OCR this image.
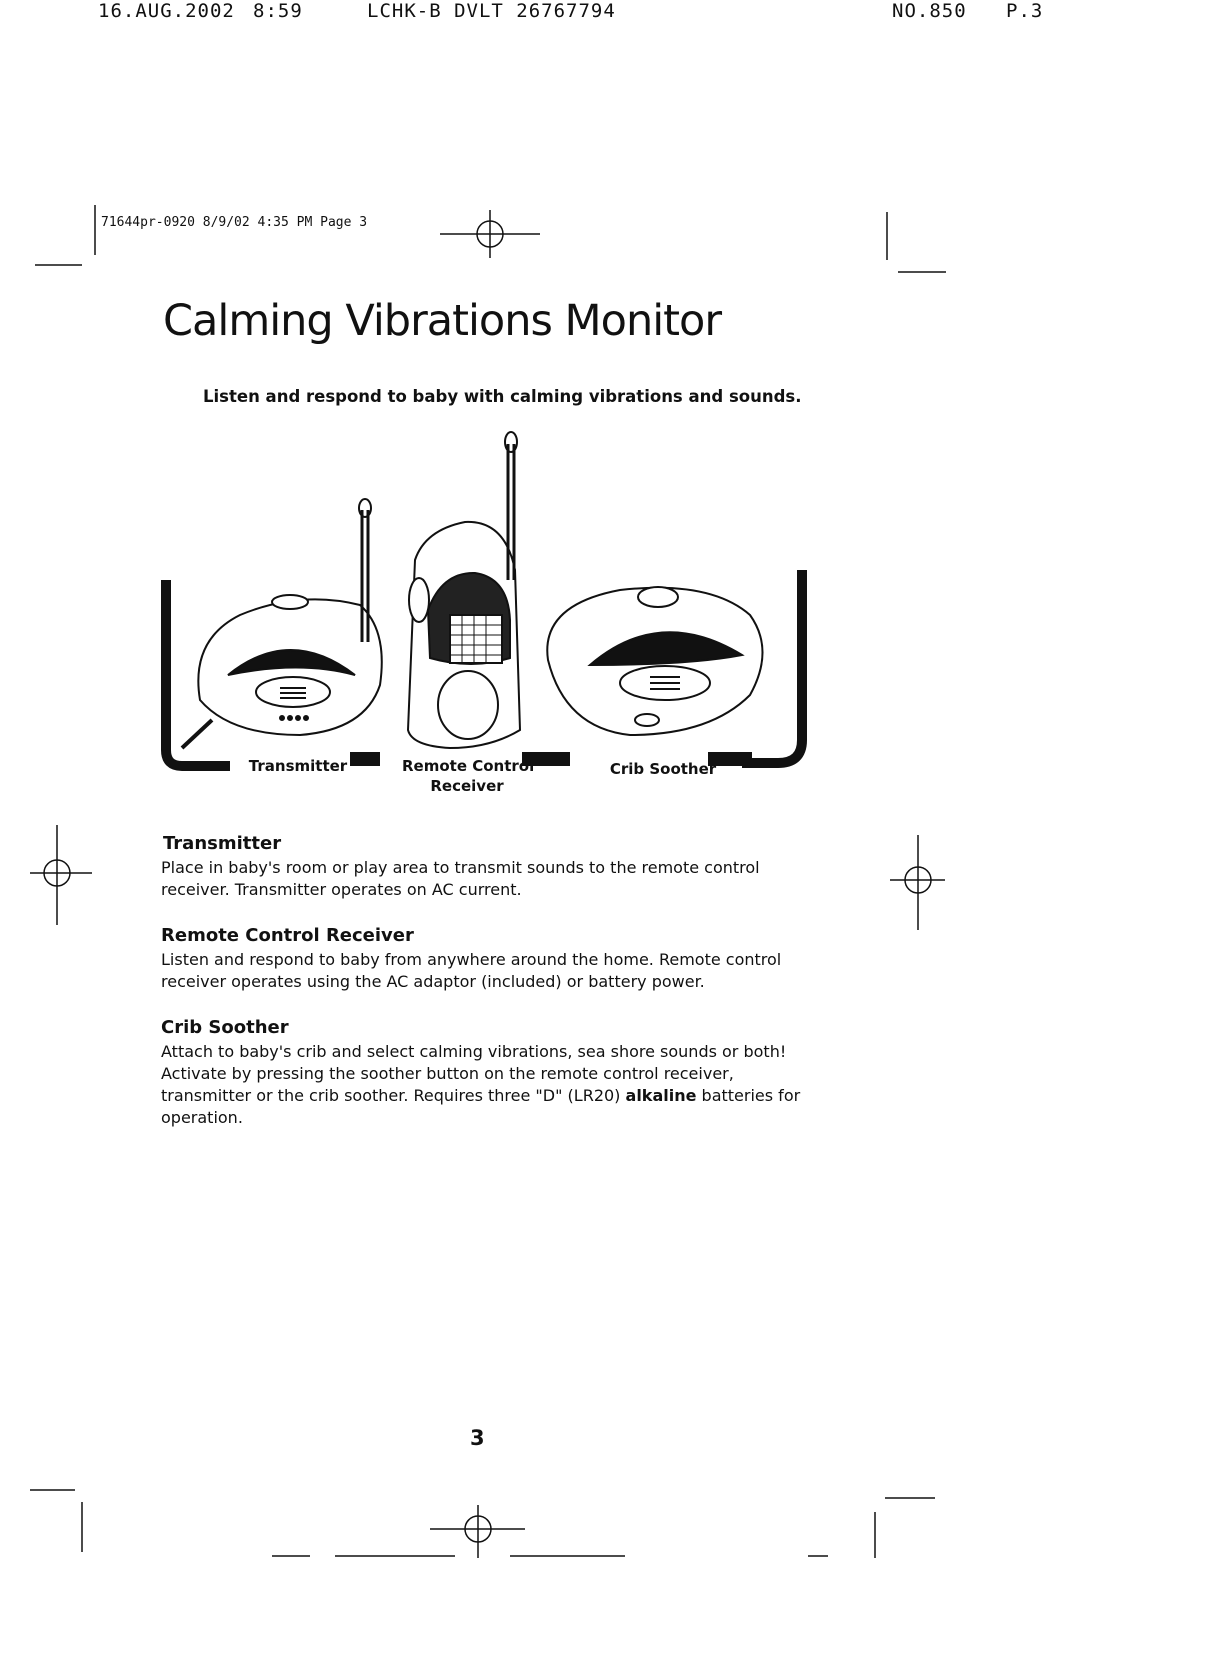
16.AUG.2002 8:59	LCHK-B DVLT 26767794	NO.850 P.3
71644pr-0920 8/9/02 4:35 PM Page 3
Calming Vibrations Monitor
Listen and respond to baby with calming vibrations and sounds.
Transmitter	Remote Control
Receiver
Crib Soother
Transmitter
Place in baby's room or play area to transmit sounds to the remote control receiver. Transmitter operates on AC current.
Remote Control Receiver
Listen and respond to baby from anywhere around the home. Remote control receiver operates using the AC adaptor (included) or battery power.
Crib Soother
Attach to baby's crib and select calming vibrations, sea shore sounds or both! Activate by pressing the soother button on the remote control receiver, transmitter or the crib soother. Requires three "D" (LR20) alkaline batteries for operation.
3
